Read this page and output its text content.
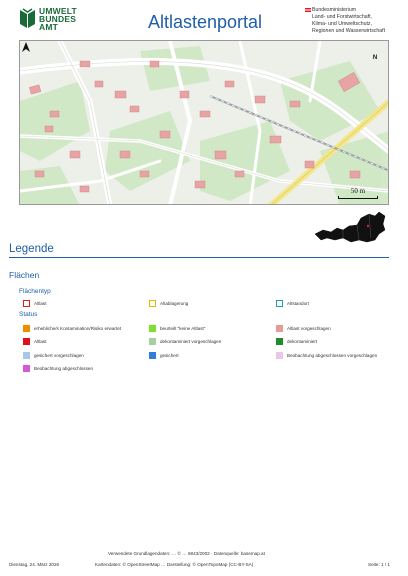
UMWELT
BUNDES
AMT	Altlastenportal
Bundesministerium
Land- und Forstwirtschaft,
Klima- und Umweltschutz,
Regionen und Wasserwirtschaft
N
50 m
Legende
Flächen
Flächentyp
Altlast	Altablagerung	Altstandort
Status
erhebliche/s Kontamination/Risiko erwartet	beurteilt "keine Altlast"	Altlast vorgeschlagen
Altlast	dekontaminiert vorgeschlagen	dekontaminiert
gesichert vorgeschlagen	gesichert	Beobachtung abgeschlossen vorgeschlagen
Beobachtung abgeschlossen
Verwendete Grundlagendaten: … © … 6843/2002 · Datenquelle: basemap.at
Dienstag, 24. März 2026	Kartendaten: © OpenStreetMap … Darstellung: © OpenTopoMap (CC-BY-SA)	Seite: 1 / 1
